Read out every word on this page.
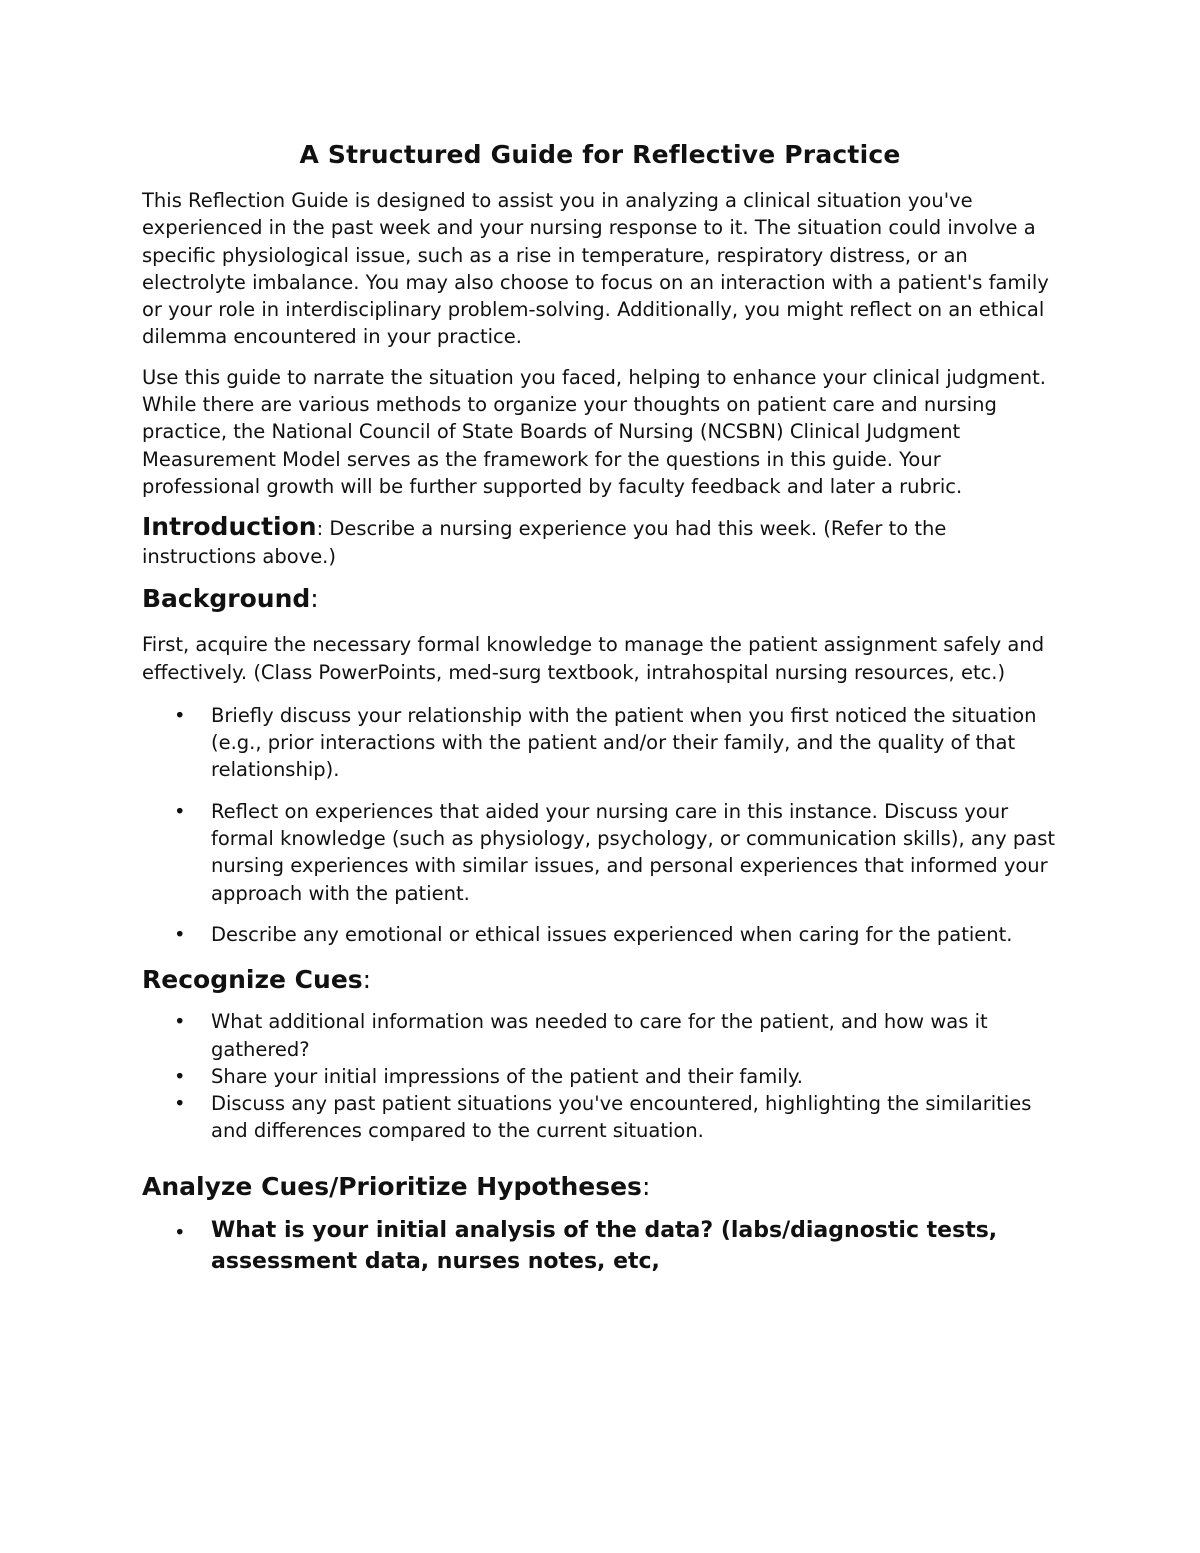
A Structured Guide for Reflective Practice

This Reflection Guide is designed to assist you in analyzing a clinical situation you've experienced in the past week and your nursing response to it. The situation could involve a specific physiological issue, such as a rise in temperature, respiratory distress, or an electrolyte imbalance. You may also choose to focus on an interaction with a patient's family or your role in interdisciplinary problem-solving. Additionally, you might reflect on an ethical dilemma encountered in your practice.

Use this guide to narrate the situation you faced, helping to enhance your clinical judgment. While there are various methods to organize your thoughts on patient care and nursing practice, the National Council of State Boards of Nursing (NCSBN) Clinical Judgment Measurement Model serves as the framework for the questions in this guide. Your professional growth will be further supported by faculty feedback and later a rubric.

Introduction: Describe a nursing experience you had this week. (Refer to the instructions above.)

Background:

First, acquire the necessary formal knowledge to manage the patient assignment safely and effectively. (Class PowerPoints, med-surg textbook, intrahospital nursing resources, etc.)

• Briefly discuss your relationship with the patient when you first noticed the situation (e.g., prior interactions with the patient and/or their family, and the quality of that relationship).
• Reflect on experiences that aided your nursing care in this instance. Discuss your formal knowledge (such as physiology, psychology, or communication skills), any past nursing experiences with similar issues, and personal experiences that informed your approach with the patient.
• Describe any emotional or ethical issues experienced when caring for the patient.
Recognize Cues:
• What additional information was needed to care for the patient, and how was it gathered?
• Share your initial impressions of the patient and their family.
• Discuss any past patient situations you've encountered, highlighting the similarities and differences compared to the current situation.
Analyze Cues/Prioritize Hypotheses:
• What is your initial analysis of the data? (labs/diagnostic tests, assessment data, nurses notes, etc,
